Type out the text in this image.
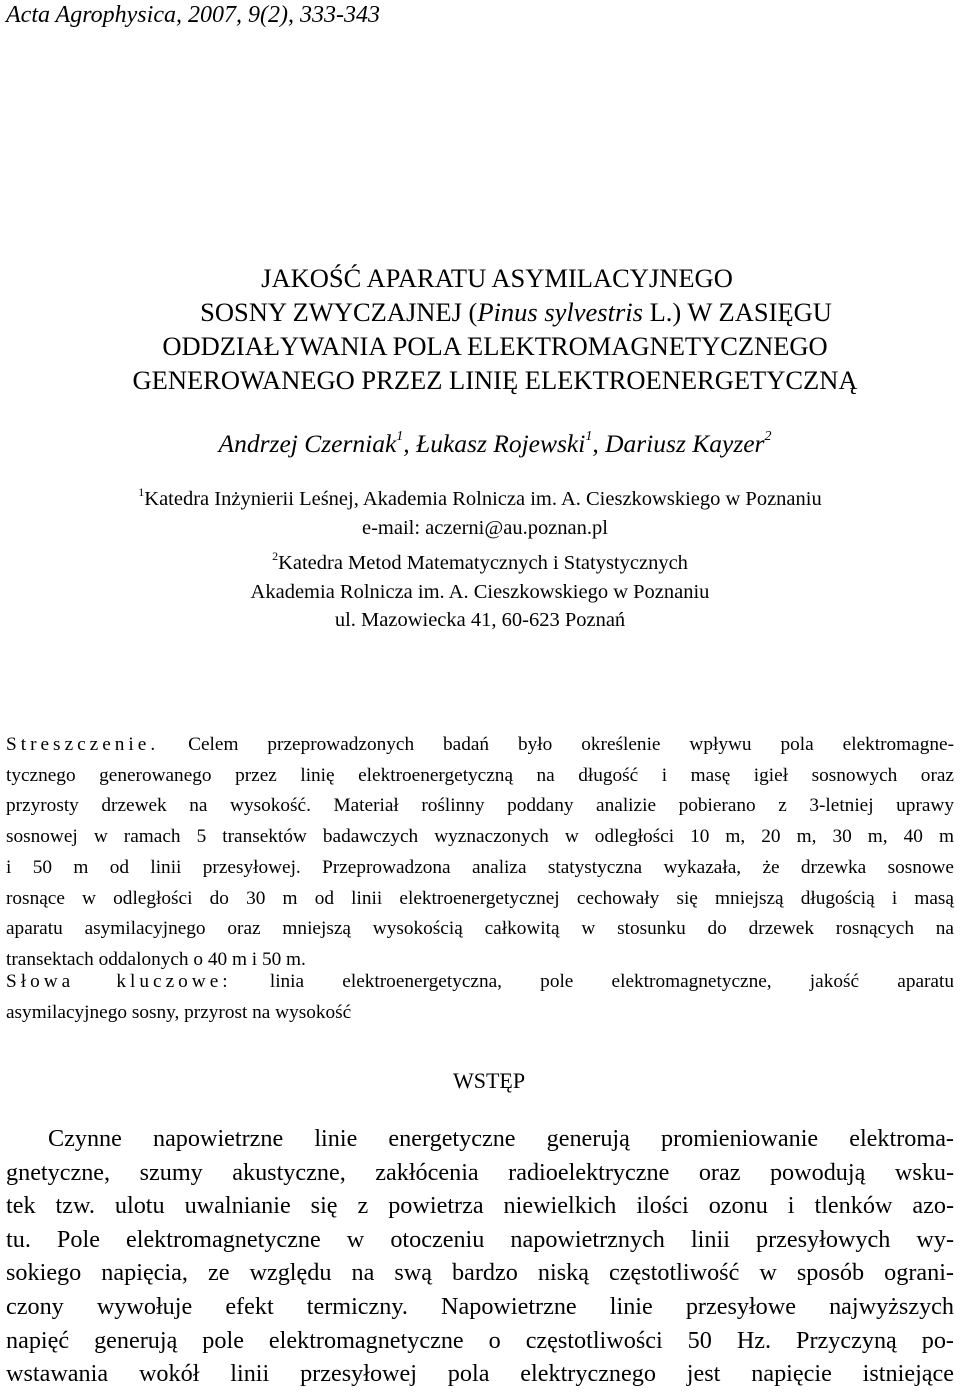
Acta Agrophysica, 2007, 9(2), 333-343
JAKOŚĆ APARATU ASYMILACYJNEGO
SOSNY ZWYCZAJNEJ (Pinus sylvestris L.) W ZASIĘGU
ODDZIAŁYWANIA POLA ELEKTROMAGNETYCZNEGO
GENEROWANEGO PRZEZ LINIĘ ELEKTROENERGETYCZNĄ
Andrzej Czerniak$^1$, Łukasz Rojewski$^1$, Dariusz Kayzer$^2$
$^1$Katedra Inżynierii Leśnej, Akademia Rolnicza im. A. Cieszkowskiego w Poznaniu
e-mail: aczerni@au.poznan.pl
$^2$Katedra Metod Matematycznych i Statystycznych
Akademia Rolnicza im. A. Cieszkowskiego w Poznaniu
ul. Mazowiecka 41, 60-623 Poznań
Streszczenie. Celem przeprowadzonych badań było określenie wpływu pola elektromagne-
tycznego generowanego przez linię elektroenergetyczną na długość i masę igieł sosnowych oraz
przyrosty drzewek na wysokość. Materiał roślinny poddany analizie pobierano z 3-letniej uprawy
sosnowej w ramach 5 transektów badawczych wyznaczonych w odległości 10 m, 20 m, 30 m, 40 m
i 50 m od linii przesyłowej. Przeprowadzona analiza statystyczna wykazała, że drzewka sosnowe
rosnące w odległości do 30 m od linii elektroenergetycznej cechowały się mniejszą długością i masą
aparatu asymilacyjnego oraz mniejszą wysokością całkowitą w stosunku do drzewek rosnących na
transektach oddalonych o 40 m i 50 m.
Słowa kluczowe: linia elektroenergetyczna, pole elektromagnetyczne, jakość aparatu
asymilacyjnego sosny, przyrost na wysokość
WSTĘP
Czynne napowietrzne linie energetyczne generują promieniowanie elektroma-
gnetyczne, szumy akustyczne, zakłócenia radioelektryczne oraz powodują wsku-
tek tzw. ulotu uwalnianie się z powietrza niewielkich ilości ozonu i tlenków azo-
tu. Pole elektromagnetyczne w otoczeniu napowietrznych linii przesyłowych wy-
sokiego napięcia, ze względu na swą bardzo niską częstotliwość w sposób ograni-
czony wywołuje efekt termiczny. Napowietrzne linie przesyłowe najwyższych
napięć generują pole elektromagnetyczne o częstotliwości 50 Hz. Przyczyną po-
wstawania wokół linii przesyłowej pola elektrycznego jest napięcie istniejące
